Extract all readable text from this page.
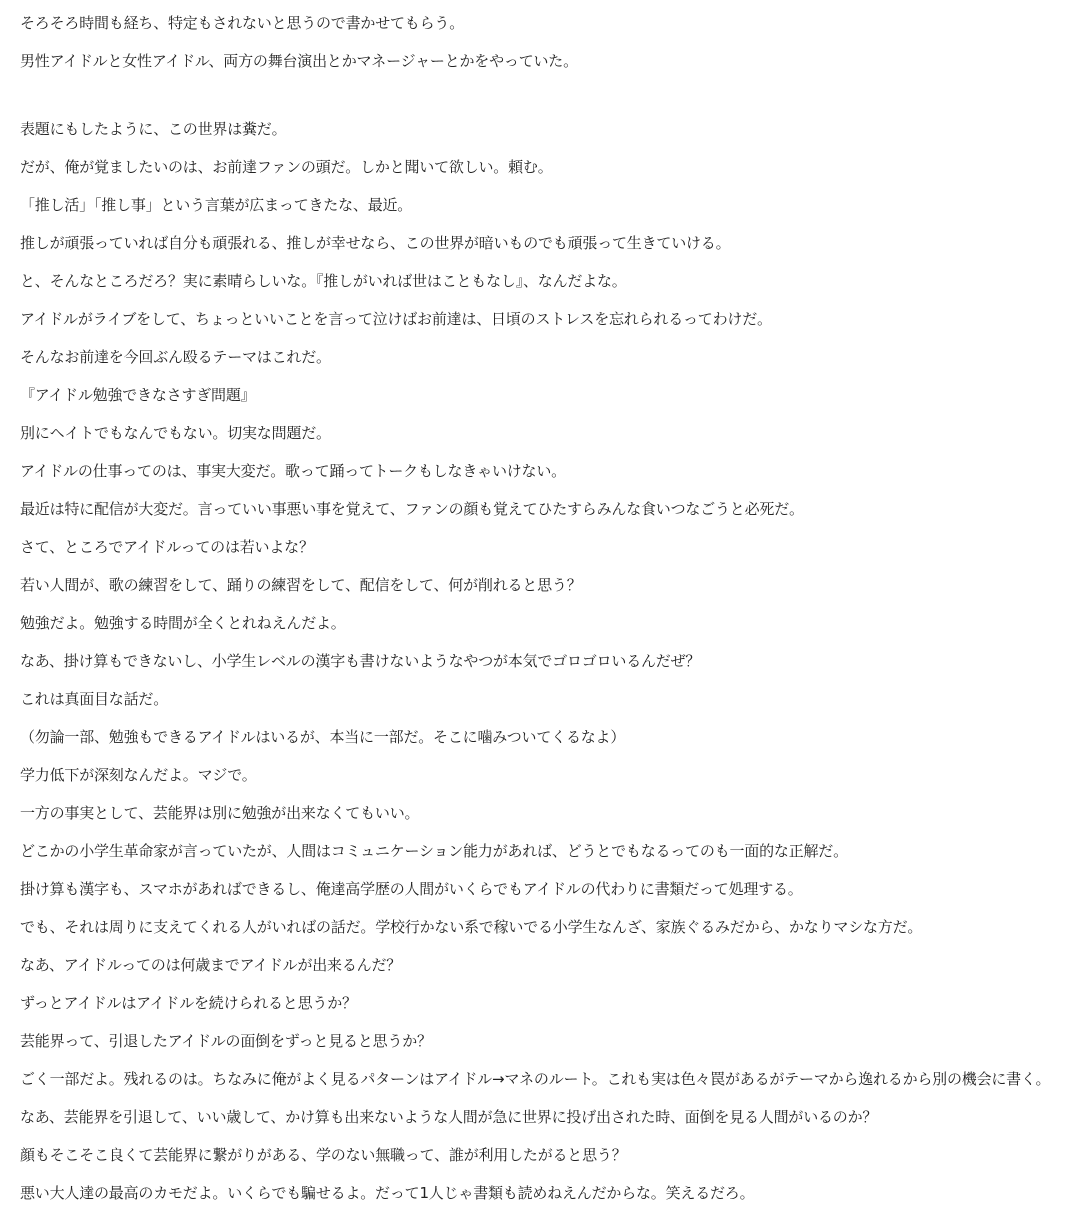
そろそろ時間も経ち、特定もされないと思うので書かせてもらう。
男性アイドルと女性アイドル、両方の舞台演出とかマネージャーとかをやっていた。
表題にもしたように、この世界は糞だ。
だが、俺が覚ましたいのは、お前達ファンの頭だ。しかと聞いて欲しい。頼む。
「推し活」「推し事」という言葉が広まってきたな、最近。
推しが頑張っていれば自分も頑張れる、推しが幸せなら、この世界が暗いものでも頑張って生きていける。
と、そんなところだろ？実に素晴らしいな。『推しがいれば世はこともなし』、なんだよな。
アイドルがライブをして、ちょっといいことを言って泣けばお前達は、日頃のストレスを忘れられるってわけだ。
そんなお前達を今回ぶん殴るテーマはこれだ。
『アイドル勉強できなさすぎ問題』
別にヘイトでもなんでもない。切実な問題だ。
アイドルの仕事ってのは、事実大変だ。歌って踊ってトークもしなきゃいけない。
最近は特に配信が大変だ。言っていい事悪い事を覚えて、ファンの顔も覚えてひたすらみんな食いつなごうと必死だ。
さて、ところでアイドルってのは若いよな？
若い人間が、歌の練習をして、踊りの練習をして、配信をして、何が削れると思う？
勉強だよ。勉強する時間が全くとれねえんだよ。
なあ、掛け算もできないし、小学生レベルの漢字も書けないようなやつが本気でゴロゴロいるんだぜ？
これは真面目な話だ。
（勿論一部、勉強もできるアイドルはいるが、本当に一部だ。そこに噛みついてくるなよ）
学力低下が深刻なんだよ。マジで。
一方の事実として、芸能界は別に勉強が出来なくてもいい。
どこかの小学生革命家が言っていたが、人間はコミュニケーション能力があれば、どうとでもなるってのも一面的な正解だ。
掛け算も漢字も、スマホがあればできるし、俺達高学歴の人間がいくらでもアイドルの代わりに書類だって処理する。
でも、それは周りに支えてくれる人がいればの話だ。学校行かない系で稼いでる小学生なんざ、家族ぐるみだから、かなりマシな方だ。
なあ、アイドルってのは何歳までアイドルが出来るんだ？
ずっとアイドルはアイドルを続けられると思うか？
芸能界って、引退したアイドルの面倒をずっと見ると思うか？
ごく一部だよ。残れるのは。ちなみに俺がよく見るパターンはアイドル→マネのルート。これも実は色々罠があるがテーマから逸れるから別の機会に書く。
なあ、芸能界を引退して、いい歳して、かけ算も出来ないような人間が急に世界に投げ出された時、面倒を見る人間がいるのか？
顔もそこそこ良くて芸能界に繋がりがある、学のない無職って、誰が利用したがると思う？
悪い大人達の最高のカモだよ。いくらでも騙せるよ。だって1人じゃ書類も読めねえんだからな。笑えるだろ。
